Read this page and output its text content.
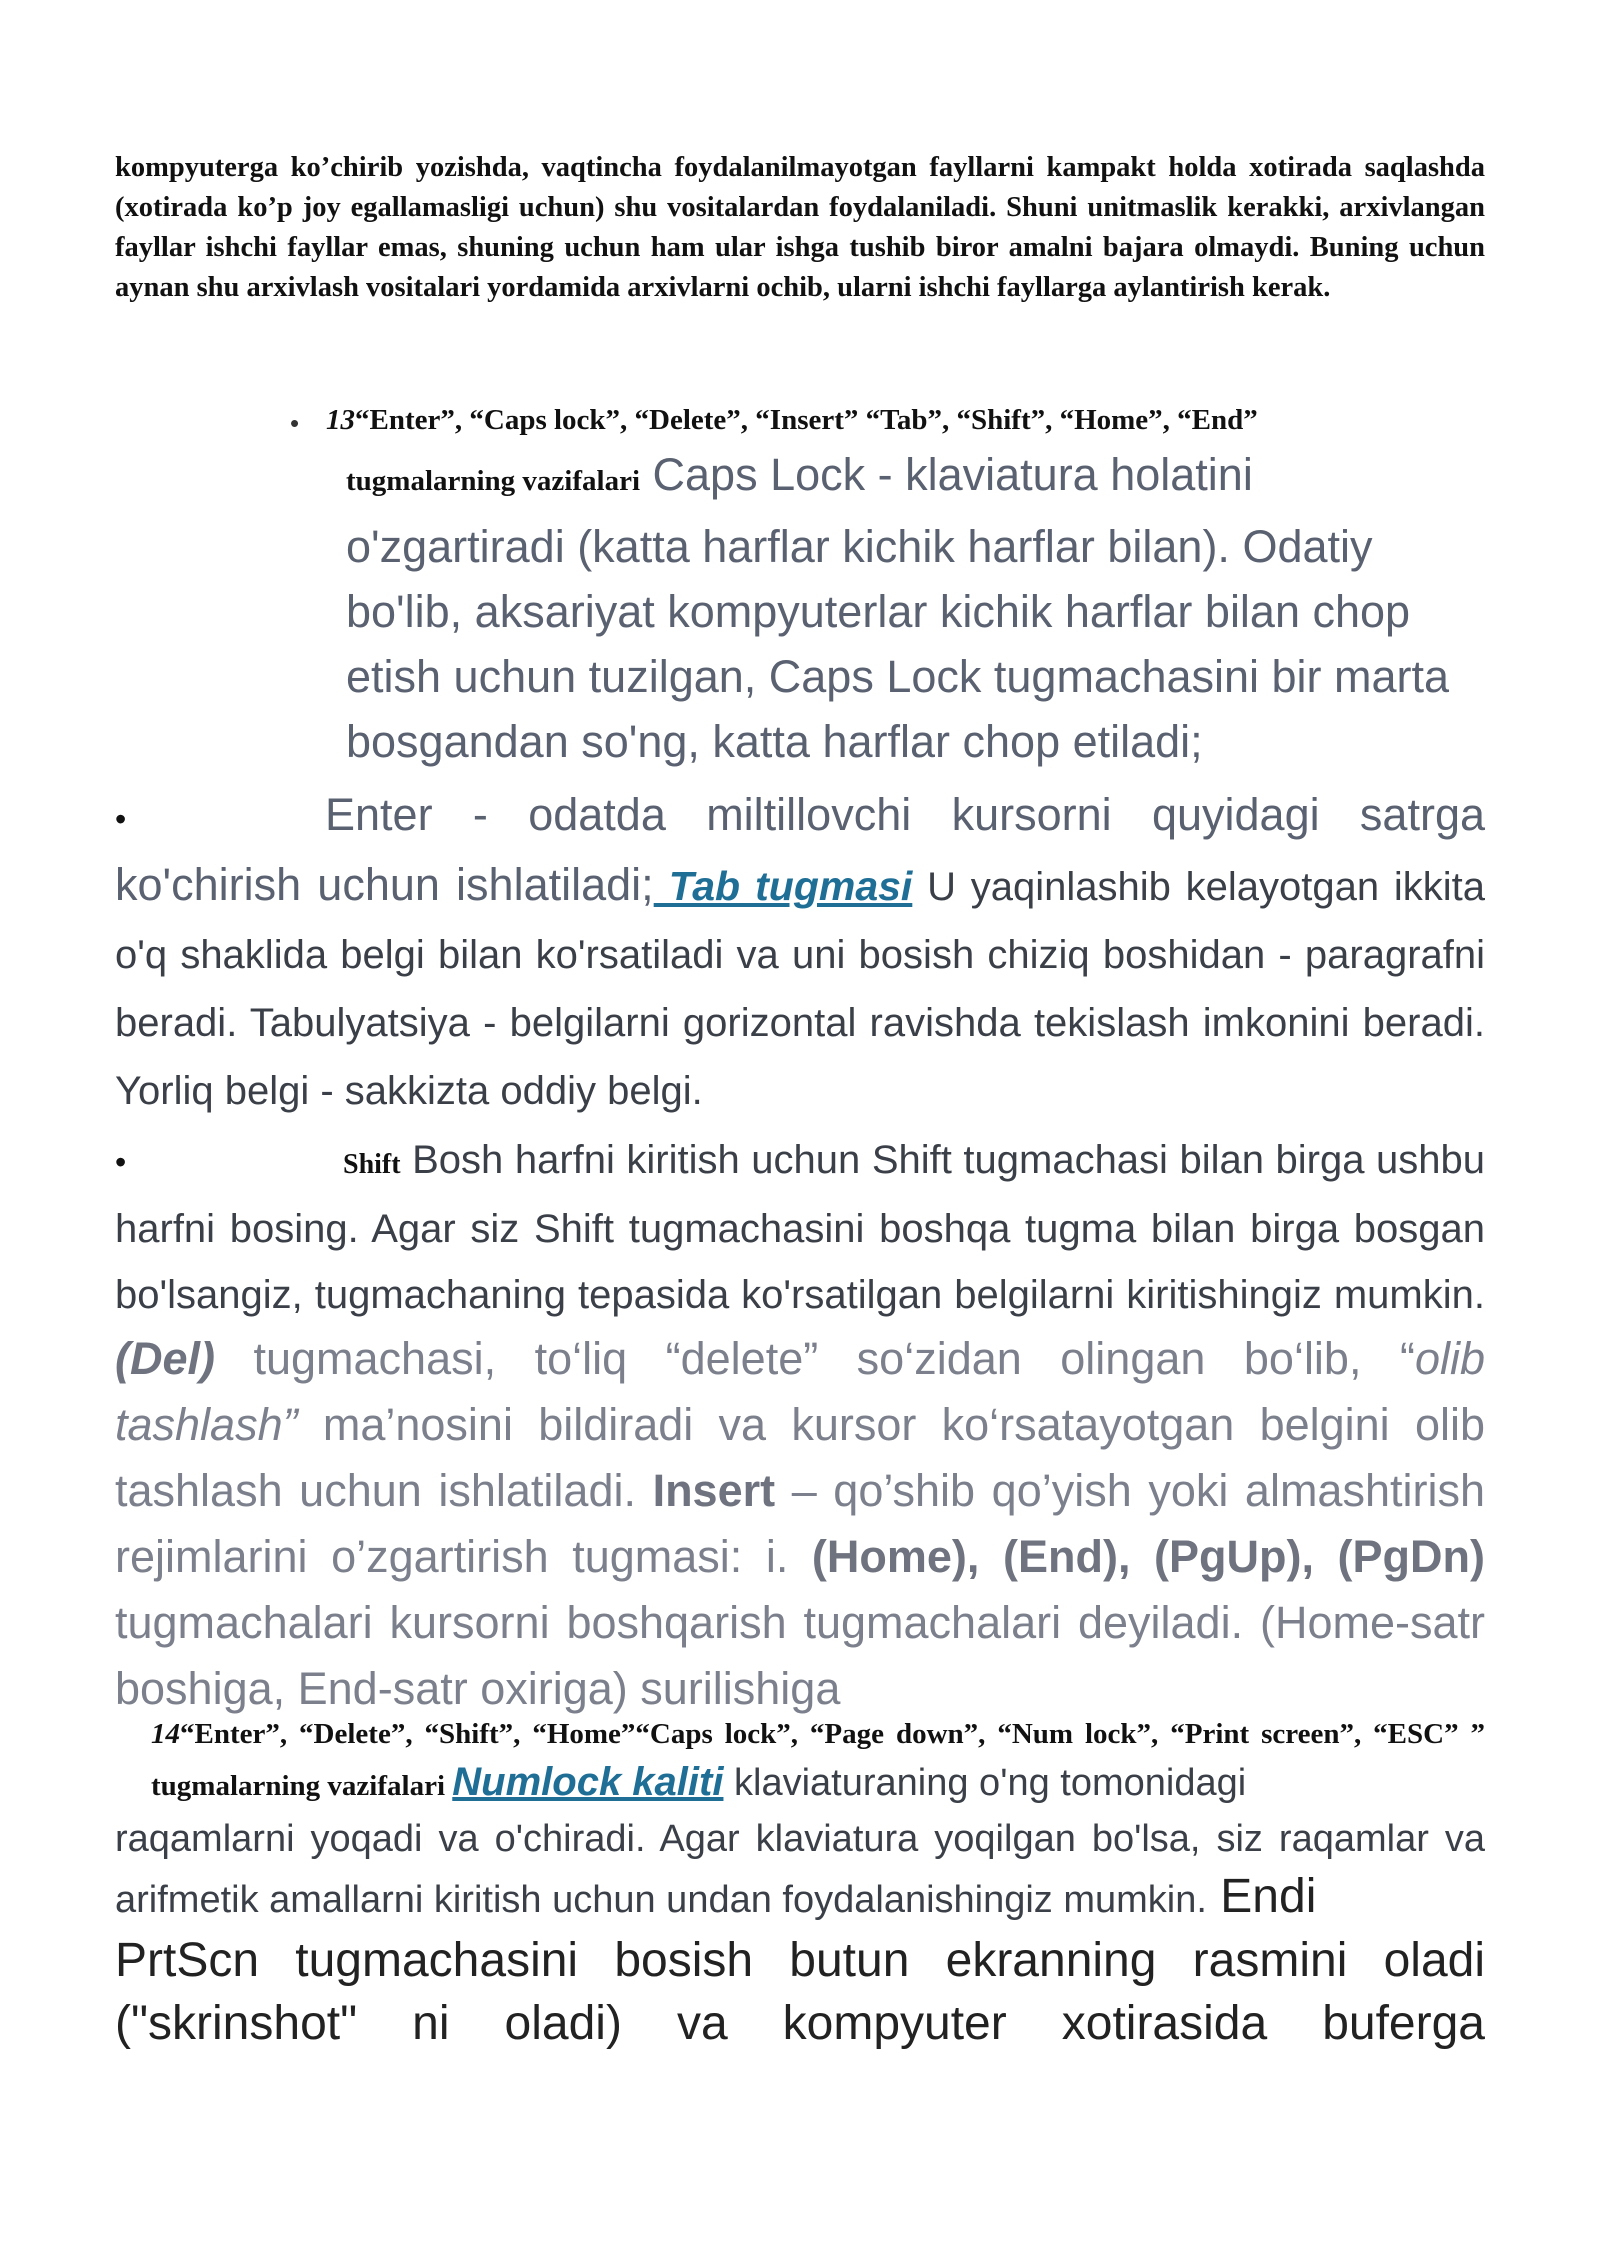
kompyuterga ko’chirib yozishda, vaqtincha foydalanilmayotgan fayllarni kampakt holda xotirada saqlashda (xotirada ko’p joy egallamasligi uchun) shu vositalardan foydalaniladi. Shuni unitmaslik kerakki, arxivlangan fayllar ishchi fayllar emas, shuning uchun ham ular ishga tushib biror amalni bajara olmaydi. Buning uchun aynan shu arxivlash vositalari yordamida arxivlarni ochib, ularni ishchi fayllarga aylantirish kerak.

• 13“Enter”, “Caps lock”, “Delete”, “Insert” “Tab”, “Shift”, “Home”, “End”
tugmalarning vazifalari Caps Lock - klaviatura holatini o'zgartiradi (katta harflar kichik harflar bilan). Odatiy bo'lib, aksariyat kompyuterlar kichik harflar bilan chop etish uchun tuzilgan, Caps Lock tugmachasini bir marta bosgandan so'ng, katta harflar chop etiladi;

•	Enter - odatda miltillovchi kursorni quyidagi satrga ko'chirish uchun ishlatiladi; Tab tugmasi U yaqinlashib kelayotgan ikkita o'q shaklida belgi bilan ko'rsatiladi va uni bosish chiziq boshidan - paragrafni beradi. Tabulyatsiya - belgilarni gorizontal ravishda tekislash imkonini beradi. Yorliq belgi - sakkizta oddiy belgi.

•	Shift Bosh harfni kiritish uchun Shift tugmachasi bilan birga ushbu harfni bosing. Agar siz Shift tugmachasini boshqa tugma bilan birga bosgan bo'lsangiz, tugmachaning tepasida ko'rsatilgan belgilarni kiritishingiz mumkin. (Del) tugmachasi, to‘liq “delete” so‘zidan olingan bo‘lib, “olib tashlash” ma’nosini bildiradi va kursor ko‘rsatayotgan belgini olib tashlash uchun ishlatiladi. Insert – qo’shib qo’yish yoki almashtirish rejimlarini o’zgartirish tugmasi: i. (Home), (End), (PgUp), (PgDn) tugmachalari kursorni boshqarish tugmachalari deyiladi. (Home-satr boshiga, End-satr oxiriga) surilishiga

14“Enter”, “Delete”, “Shift”, “Home”“Caps lock”, “Page down”, “Num lock”, “Print screen”, “ESC” ” tugmalarning vazifalari Numlock kaliti klaviaturaning o'ng tomonidagi
raqamlarni yoqadi va o'chiradi. Agar klaviatura yoqilgan bo'lsa, siz raqamlar va arifmetik amallarni kiritish uchun undan foydalanishingiz mumkin. Endi
PrtScn tugmachasini bosish butun ekranning rasmini oladi ("skrinshot" ni oladi) va kompyuter xotirasida buferga
